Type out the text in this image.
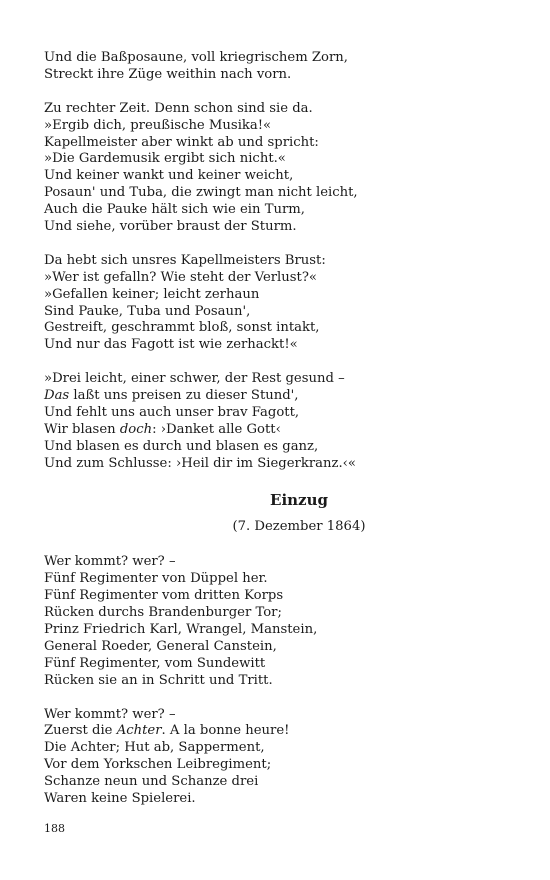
Und die Baßposaune, voll kriegrischem Zorn,
Streckt ihre Züge weithin nach vorn.
Zu rechter Zeit. Denn schon sind sie da.
»Ergib dich, preußische Musika!«
Kapellmeister aber winkt ab und spricht:
»Die Gardemusik ergibt sich nicht.«
Und keiner wankt und keiner weicht,
Posaun' und Tuba, die zwingt man nicht leicht,
Auch die Pauke hält sich wie ein Turm,
Und siehe, vorüber braust der Sturm.
Da hebt sich unsres Kapellmeisters Brust:
»Wer ist gefalln? Wie steht der Verlust?«
»Gefallen keiner; leicht zerhaun
Sind Pauke, Tuba und Posaun',
Gestreift, geschrammt bloß, sonst intakt,
Und nur das Fagott ist wie zerhackt!«
»Drei leicht, einer schwer, der Rest gesund –
Das laßt uns preisen zu dieser Stund',
Und fehlt uns auch unser brav Fagott,
Wir blasen doch: ›Danket alle Gott‹
Und blasen es durch und blasen es ganz,
Und zum Schlusse: ›Heil dir im Siegerkranz.‹«
Einzug
(7. Dezember 1864)
Wer kommt? wer? –
Fünf Regimenter von Düppel her.
Fünf Regimenter vom dritten Korps
Rücken durchs Brandenburger Tor;
Prinz Friedrich Karl, Wrangel, Manstein,
General Roeder, General Canstein,
Fünf Regimenter, vom Sundewitt
Rücken sie an in Schritt und Tritt.
Wer kommt? wer? –
Zuerst die Achter. A la bonne heure!
Die Achter; Hut ab, Sapperment,
Vor dem Yorkschen Leibregiment;
Schanze neun und Schanze drei
Waren keine Spielerei.
188
